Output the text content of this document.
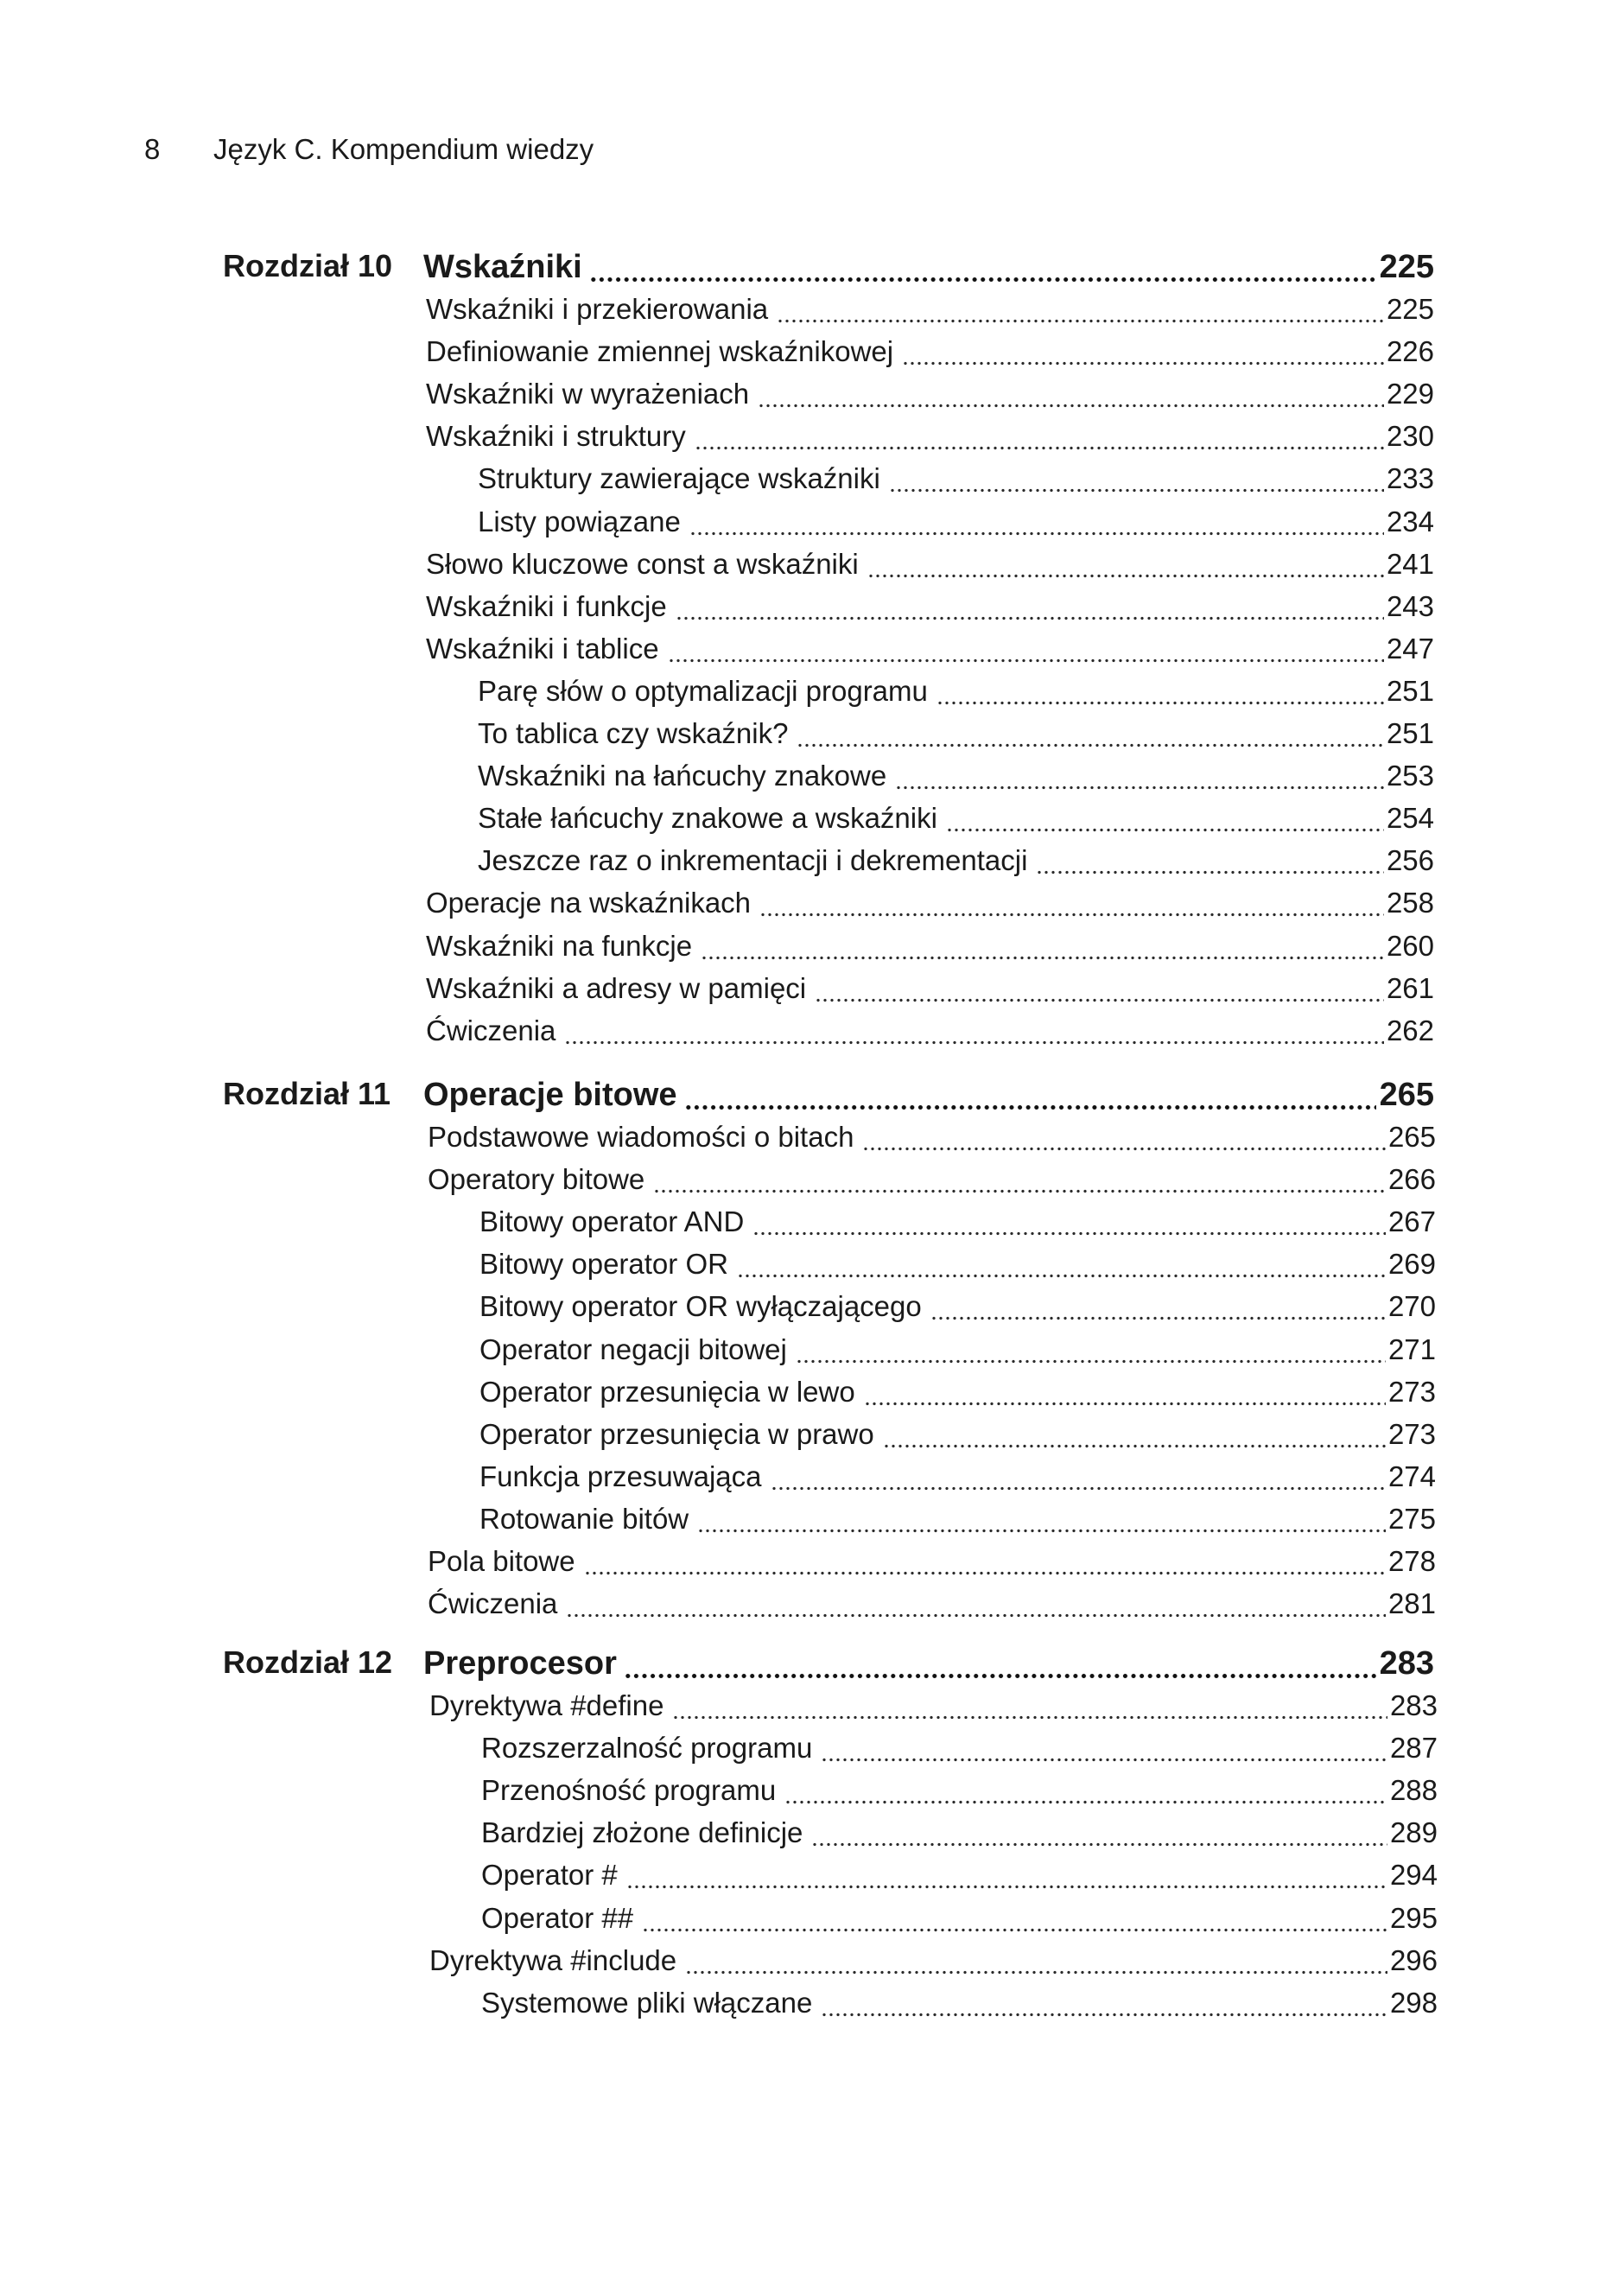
8 Język C. Kompendium wiedzy
Rozdział 10 Wskaźniki	225
Wskaźniki i przekierowania	225
Definiowanie zmiennej wskaźnikowej	226
Wskaźniki w wyrażeniach	229
Wskaźniki i struktury	230
Struktury zawierające wskaźniki	233
Listy powiązane	234
Słowo kluczowe const a wskaźniki	241
Wskaźniki i funkcje	243
Wskaźniki i tablice	247
Parę słów o optymalizacji programu	251
To tablica czy wskaźnik?	251
Wskaźniki na łańcuchy znakowe	253
Stałe łańcuchy znakowe a wskaźniki	254
Jeszcze raz o inkrementacji i dekrementacji	256
Operacje na wskaźnikach	258
Wskaźniki na funkcje	260
Wskaźniki a adresy w pamięci	261
Ćwiczenia	262
Rozdział 11 Operacje bitowe	265
Podstawowe wiadomości o bitach	265
Operatory bitowe	266
Bitowy operator AND	267
Bitowy operator OR	269
Bitowy operator OR wyłączającego	270
Operator negacji bitowej	271
Operator przesunięcia w lewo	273
Operator przesunięcia w prawo	273
Funkcja przesuwająca	274
Rotowanie bitów	275
Pola bitowe	278
Ćwiczenia	281
Rozdział 12 Preprocesor	283
Dyrektywa #define	283
Rozszerzalność programu	287
Przenośność programu	288
Bardziej złożone definicje	289
Operator #	294
Operator ##	295
Dyrektywa #include	296
Systemowe pliki włączane	298
